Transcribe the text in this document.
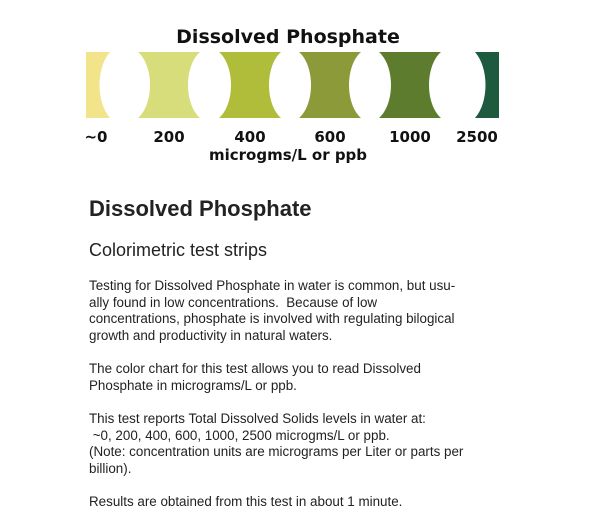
Dissolved Phosphate
~0	200	400	600	1000	2500
microgms/L or ppb
Dissolved Phosphate

Colorimetric test strips

Testing for Dissolved Phosphate in water is common, but usu-
ally found in low concentrations.  Because of low
concentrations, phosphate is involved with regulating bilogical
growth and productivity in natural waters.

The color chart for this test allows you to read Dissolved
Phosphate in micrograms/L or ppb.

This test reports Total Dissolved Solids levels in water at:
~0, 200, 400, 600, 1000, 2500 microgms/L or ppb.
(Note: concentration units are micrograms per Liter or parts per
billion).

Results are obtained from this test in about 1 minute.
